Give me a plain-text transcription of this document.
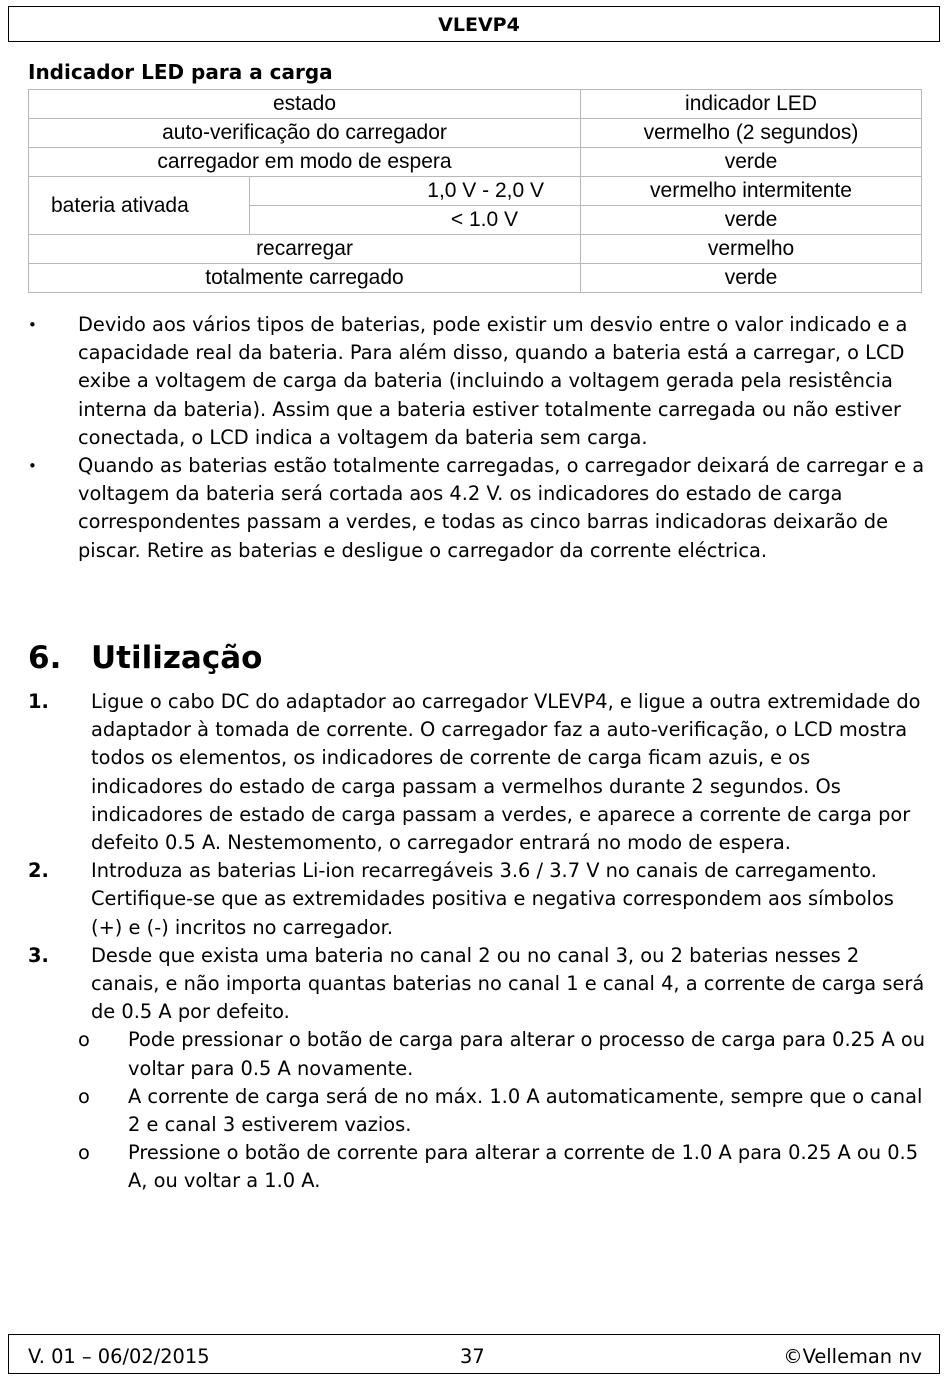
VLEVP4
Indicador LED para a carga
estado		indicador LED
auto-verificação do carregador		vermelho (2 segundos)
carregador em modo de espera		verde
bateria ativada	1,0 V - 2,0 V	vermelho intermitente
	< 1.0 V	verde
recarregar		vermelho
totalmente carregado		verde
• Devido aos vários tipos de baterias, pode existir um desvio entre o valor indicado e a capacidade real da bateria. Para além disso, quando a bateria está a carregar, o LCD exibe a voltagem de carga da bateria (incluindo a voltagem gerada pela resistência interna da bateria). Assim que a bateria estiver totalmente carregada ou não estiver conectada, o LCD indica a voltagem da bateria sem carga.
• Quando as baterias estão totalmente carregadas, o carregador deixará de carregar e a voltagem da bateria será cortada aos 4.2 V. os indicadores do estado de carga correspondentes passam a verdes, e todas as cinco barras indicadoras deixarão de piscar. Retire as baterias e desligue o carregador da corrente eléctrica.
6. Utilização
1. Ligue o cabo DC do adaptador ao carregador VLEVP4, e ligue a outra extremidade do adaptador à tomada de corrente. O carregador faz a auto-verificação, o LCD mostra todos os elementos, os indicadores de corrente de carga ficam azuis, e os indicadores do estado de carga passam a vermelhos durante 2 segundos. Os indicadores de estado de carga passam a verdes, e aparece a corrente de carga por defeito 0.5 A. Nestemomento, o carregador entrará no modo de espera.
2. Introduza as baterias Li-ion recarregáveis 3.6 / 3.7 V no canais de carregamento. Certifique-se que as extremidades positiva e negativa correspondem aos símbolos (+) e (-) incritos no carregador.
3. Desde que exista uma bateria no canal 2 ou no canal 3, ou 2 baterias nesses 2 canais, e não importa quantas baterias no canal 1 e canal 4, a corrente de carga será de 0.5 A por defeito.
o Pode pressionar o botão de carga para alterar o processo de carga para 0.25 A ou voltar para 0.5 A novamente.
o A corrente de carga será de no máx. 1.0 A automaticamente, sempre que o canal 2 e canal 3 estiverem vazios.
o Pressione o botão de corrente para alterar a corrente de 1.0 A para 0.25 A ou 0.5 A, ou voltar a 1.0 A.
V. 01 – 06/02/2015	37	©Velleman nv
